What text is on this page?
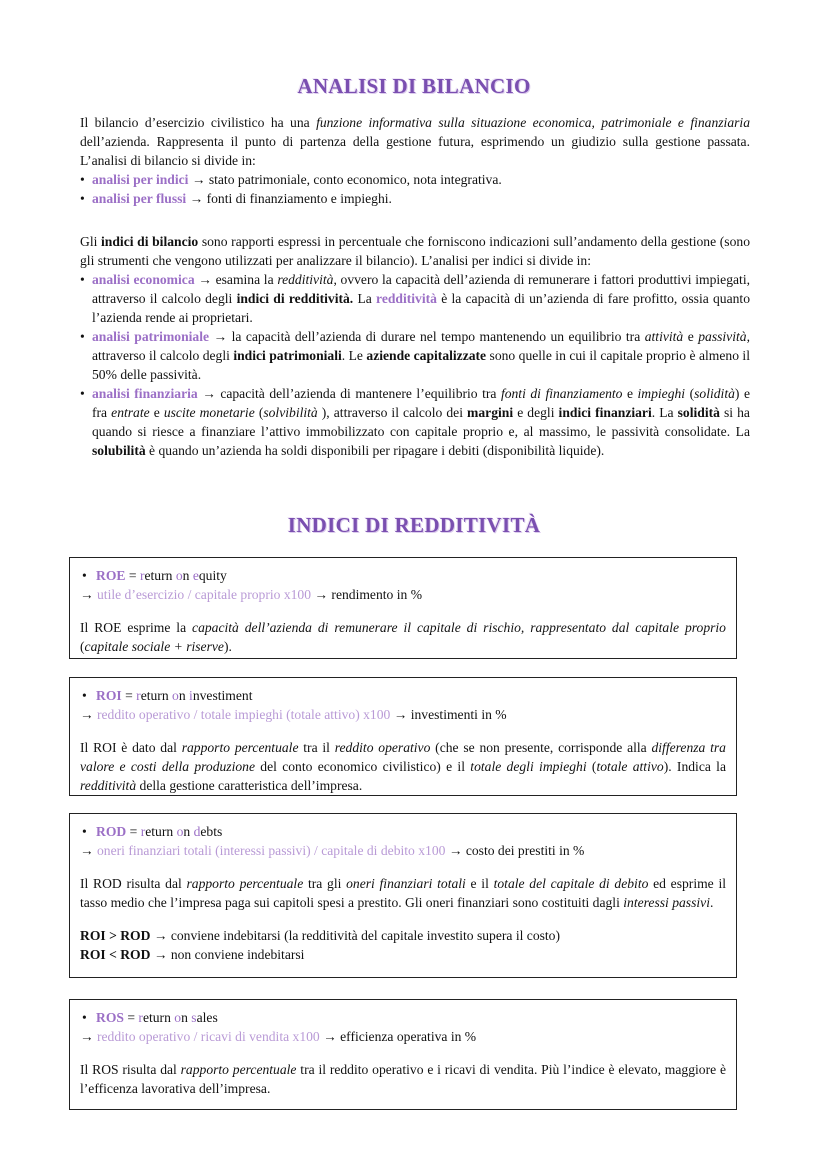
ANALISI DI BILANCIO

Il bilancio d’esercizio civilistico ha una funzione informativa sulla situazione economica, patrimoniale e finanziaria dell’azienda. Rappresenta il punto di partenza della gestione futura, esprimendo un giudizio sulla gestione passata. L’analisi di bilancio si divide in:

• analisi per indici → stato patrimoniale, conto economico, nota integrativa.
• analisi per flussi → fonti di finanziamento e impieghi.

Gli indici di bilancio sono rapporti espressi in percentuale che forniscono indicazioni sull’andamento della gestione (sono gli strumenti che vengono utilizzati per analizzare il bilancio). L’analisi per indici si divide in:

• analisi economica → esamina la redditività, ovvero la capacità dell’azienda di remunerare i fattori produttivi impiegati, attraverso il calcolo degli indici di redditività. La redditività è la capacità di un’azienda di fare profitto, ossia quanto l’azienda rende ai proprietari.
• analisi patrimoniale → la capacità dell’azienda di durare nel tempo mantenendo un equilibrio tra attività e passività, attraverso il calcolo degli indici patrimoniali. Le aziende capitalizzate sono quelle in cui il capitale proprio è almeno il 50% delle passività.
• analisi finanziaria → capacità dell’azienda di mantenere l’equilibrio tra fonti di finanziamento e impieghi (solidità) e fra entrate e uscite monetarie (solvibilità ), attraverso il calcolo dei margini e degli indici finanziari. La solidità si ha quando si riesce a finanziare l’attivo immobilizzato con capitale proprio e, al massimo, le passività consolidate. La solubilità è quando un’azienda ha soldi disponibili per ripagare i debiti (disponibilità liquide).
INDICI DI REDDITIVITÀ
• ROE = return on equity
→ utile d’esercizio / capitale proprio x100 → rendimento in %

Il ROE esprime la capacità dell’azienda di remunerare il capitale di rischio, rappresentato dal capitale proprio (capitale sociale + riserve).

• ROI = return on investiment
→ reddito operativo / totale impieghi (totale attivo) x100 → investimenti in %

Il ROI è dato dal rapporto percentuale tra il reddito operativo (che se non presente, corrisponde alla differenza tra valore e costi della produzione del conto economico civilistico) e il totale degli impieghi (totale attivo). Indica la redditività della gestione caratteristica dell’impresa.

• ROD = return on debts
→ oneri finanziari totali (interessi passivi) / capitale di debito x100 → costo dei prestiti in %

Il ROD risulta dal rapporto percentuale tra gli oneri finanziari totali e il totale del capitale di debito ed esprime il tasso medio che l’impresa paga sui capitoli spesi a prestito. Gli oneri finanziari sono costituiti dagli interessi passivi.

ROI > ROD → conviene indebitarsi (la redditività del capitale investito supera il costo)
ROI < ROD → non conviene indebitarsi
• ROS = return on sales
→ reddito operativo / ricavi di vendita x100 → efficienza operativa in %

Il ROS risulta dal rapporto percentuale tra il reddito operativo e i ricavi di vendita. Più l’indice è elevato, maggiore è l’efficenza lavorativa dell’impresa.
